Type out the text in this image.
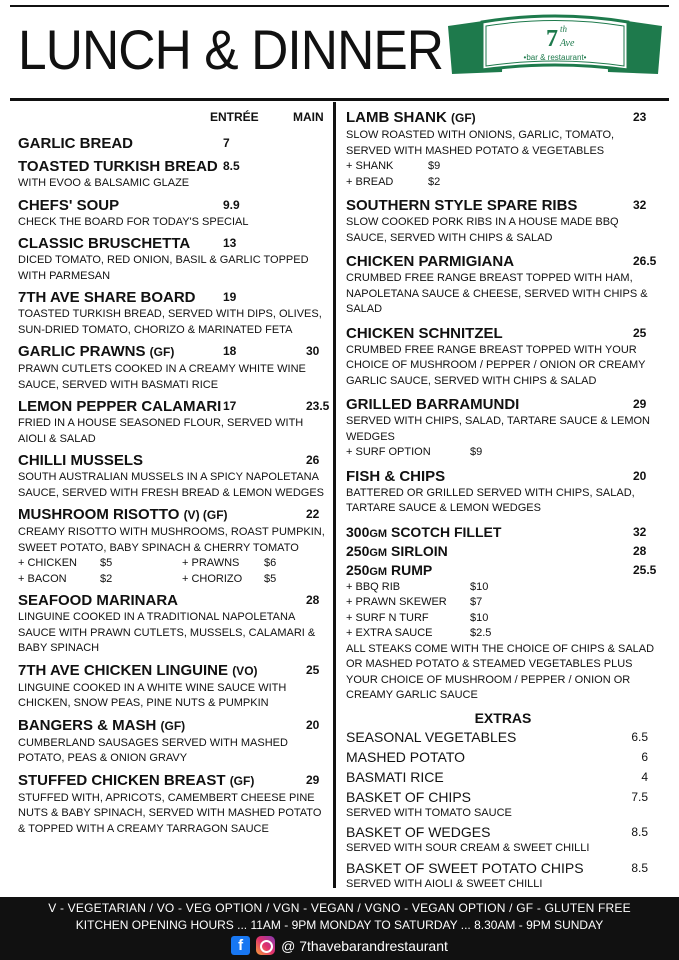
LUNCH & DINNER	7 th
Ave
•bar & restaurant•
ENTRÉE	MAIN
GARLIC BREAD	7
TOASTED TURKISH BREAD 8.5
WITH EVOO & BALSAMIC GLAZE
CHEFS' SOUP	9.9
CHECK THE BOARD FOR TODAY'S SPECIAL
CLASSIC BRUSCHETTA	13
DICED TOMATO, RED ONION, BASIL & GARLIC TOPPED WITH PARMESAN
7TH AVE SHARE BOARD	19
TOASTED TURKISH BREAD, SERVED WITH DIPS, OLIVES, SUN-DRIED TOMATO, CHORIZO & MARINATED FETA
GARLIC PRAWNS (GF)	18	30
PRAWN CUTLETS COOKED IN A CREAMY WHITE WINE SAUCE, SERVED WITH BASMATI RICE
LEMON PEPPER CALAMARI 17	23.5
FRIED IN A HOUSE SEASONED FLOUR, SERVED WITH AIOLI & SALAD
CHILLI MUSSELS	26
SOUTH AUSTRALIAN MUSSELS IN A SPICY NAPOLETANA SAUCE, SERVED WITH FRESH BREAD & LEMON WEDGES
MUSHROOM RISOTTO (V) (GF)	22
CREAMY RISOTTO WITH MUSHROOMS, ROAST PUMPKIN, SWEET POTATO, BABY SPINACH & CHERRY TOMATO
+ CHICKEN $5	+ PRAWNS $6
+ BACON	$2	+ CHORIZO $5
SEAFOOD MARINARA	28
LINGUINE COOKED IN A TRADITIONAL NAPOLETANA SAUCE WITH PRAWN CUTLETS, MUSSELS, CALAMARI & BABY SPINACH
7TH AVE CHICKEN LINGUINE (VO)	25
LINGUINE COOKED IN A WHITE WINE SAUCE WITH CHICKEN, SNOW PEAS, PINE NUTS & PUMPKIN
BANGERS & MASH (GF)	20
CUMBERLAND SAUSAGES SERVED WITH MASHED POTATO, PEAS & ONION GRAVY
STUFFED CHICKEN BREAST (GF)	29
STUFFED WITH, APRICOTS, CAMEMBERT CHEESE PINE NUTS & BABY SPINACH, SERVED WITH MASHED POTATO & TOPPED WITH A CREAMY TARRAGON SAUCE
LAMB SHANK (GF)	23
SLOW ROASTED WITH ONIONS, GARLIC, TOMATO, SERVED WITH MASHED POTATO & VEGETABLES
+ SHANK	$9
+ BREAD	$2
SOUTHERN STYLE SPARE RIBS	32
SLOW COOKED PORK RIBS IN A HOUSE MADE BBQ SAUCE, SERVED WITH CHIPS & SALAD
CHICKEN PARMIGIANA	26.5
CRUMBED FREE RANGE BREAST TOPPED WITH HAM, NAPOLETANA SAUCE & CHEESE, SERVED WITH CHIPS & SALAD
CHICKEN SCHNITZEL	25
CRUMBED FREE RANGE BREAST TOPPED WITH YOUR CHOICE OF MUSHROOM / PEPPER / ONION OR CREAMY GARLIC SAUCE, SERVED WITH CHIPS & SALAD
GRILLED BARRAMUNDI	29
SERVED WITH CHIPS, SALAD, TARTARE SAUCE & LEMON WEDGES
+ SURF OPTION	$9
FISH & CHIPS	20
BATTERED OR GRILLED SERVED WITH CHIPS, SALAD, TARTARE SAUCE & LEMON WEDGES
300GM SCOTCH FILLET	32
250GM SIRLOIN	28
250GM RUMP	25.5
+ BBQ RIB	$10
+ PRAWN SKEWER $7
+ SURF N TURF	$10
+ EXTRA SAUCE	$2.5
ALL STEAKS COME WITH THE CHOICE OF CHIPS & SALAD OR MASHED POTATO & STEAMED VEGETABLES PLUS YOUR CHOICE OF MUSHROOM / PEPPER / ONION OR CREAMY GARLIC SAUCE
EXTRAS
SEASONAL VEGETABLES	6.5
MASHED POTATO	6
BASMATI RICE	4
BASKET OF CHIPS	7.5
SERVED WITH TOMATO SAUCE
BASKET OF WEDGES	8.5
SERVED WITH SOUR CREAM & SWEET CHILLI
BASKET OF SWEET POTATO CHIPS	8.5
SERVED WITH AIOLI & SWEET CHILLI
V - VEGETARIAN / VO - VEG OPTION / VGN - VEGAN / VGNO - VEGAN OPTION / GF - GLUTEN FREE
KITCHEN OPENING HOURS ... 11AM - 9PM MONDAY TO SATURDAY ... 8.30AM - 9PM SUNDAY
f	@ 7thavebarandrestaurant
